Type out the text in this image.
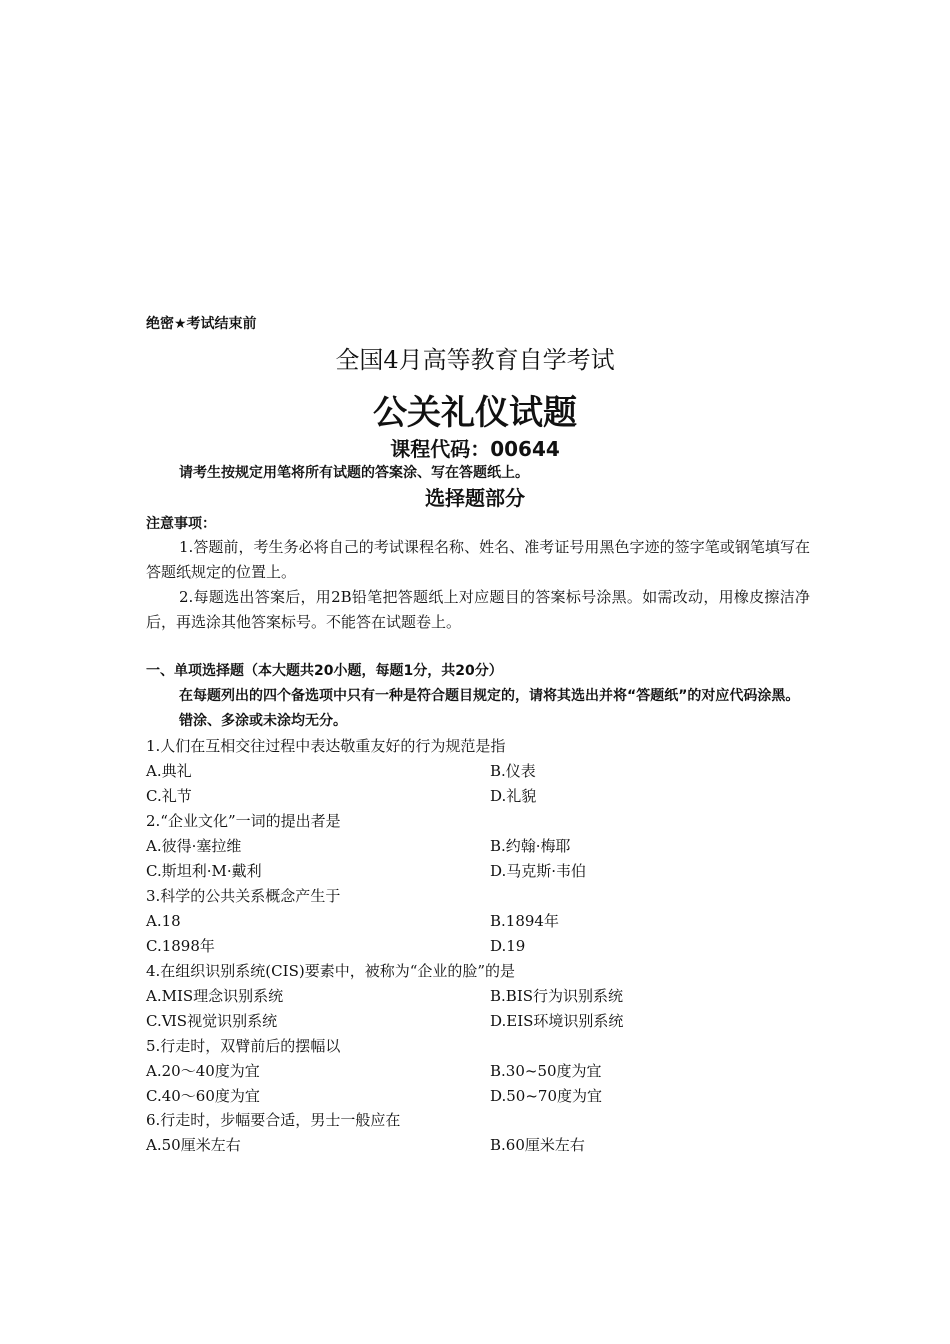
绝密★考试结束前
全国4月高等教育自学考试
公关礼仪试题
课程代码：00644
请考生按规定用笔将所有试题的答案涂、写在答题纸上。
选择题部分
注意事项：
1.答题前，考生务必将自己的考试课程名称、姓名、准考证号用黑色字迹的签字笔或钢笔填写在答题纸规定的位置上。
2.每题选出答案后，用2B铅笔把答题纸上对应题目的答案标号涂黑。如需改动，用橡皮擦洁净后，再选涂其他答案标号。不能答在试题卷上。
一、单项选择题（本大题共20小题，每题1分，共20分）
在每题列出的四个备选项中只有一种是符合题目规定的，请将其选出并将“答题纸”的对应代码涂黑。错涂、多涂或未涂均无分。
1.人们在互相交往过程中表达敬重友好的行为规范是指
A.典礼	B.仪表
C.礼节	D.礼貌
2.“企业文化”一词的提出者是
A.彼得·塞拉维	B.约翰·梅耶
C.斯坦利·M·戴利	D.马克斯·韦伯
3.科学的公共关系概念产生于
A.18	B.1894年
C.1898年	D.19
4.在组织识别系统(CIS)要素中，被称为“企业的脸”的是
A.MIS理念识别系统	B.BIS行为识别系统
C.ⅥS视觉识别系统	D.EIS环境识别系统
5.行走时，双臂前后的摆幅以
A.20～40度为宜	B.30~50度为宜
C.40～60度为宜	D.50~70度为宜
6.行走时，步幅要合适，男士一般应在
A.50厘米左右	B.60厘米左右
